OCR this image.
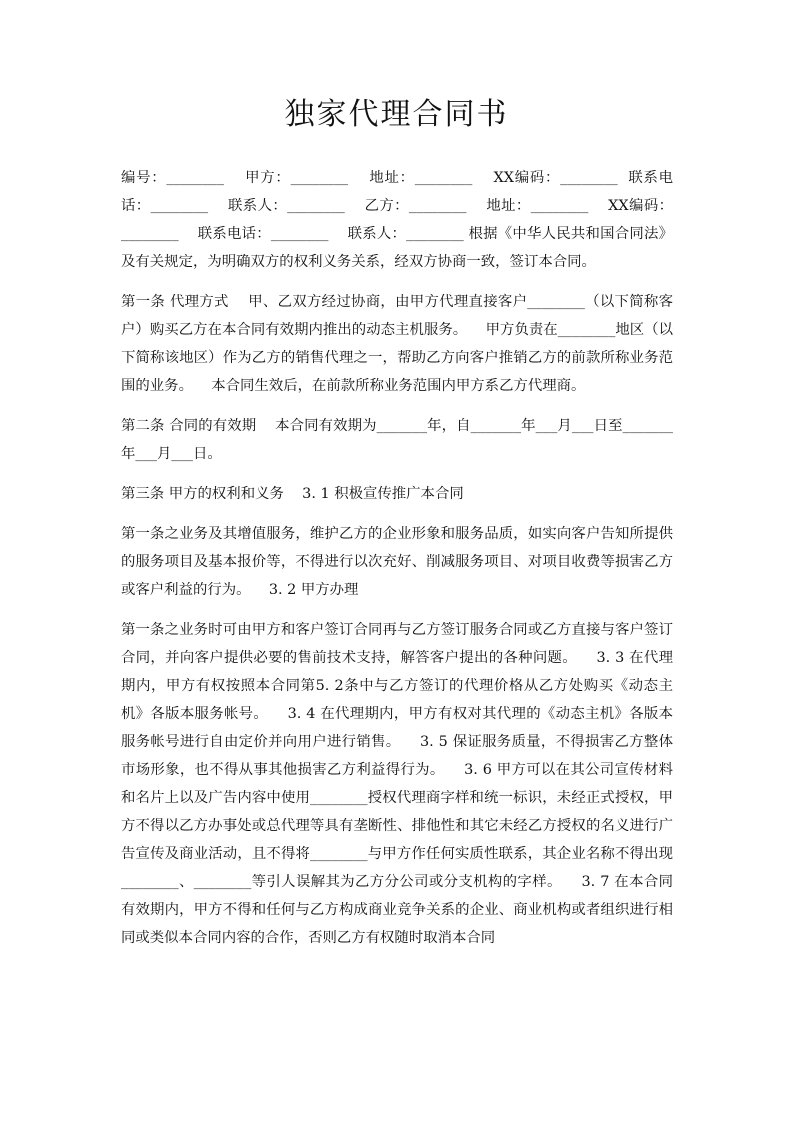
独家代理合同书

编号：________    甲方：________    地址：________    XX编码：________  联系电话：________    联系人：________    乙方：________    地址：________    XX编码：________    联系电话：________    联系人：________ 根据《中华人民共和国合同法》及有关规定，为明确双方的权利义务关系，经双方协商一致，签订本合同。

第一条 代理方式    甲、乙双方经过协商，由甲方代理直接客户________（以下简称客户）购买乙方在本合同有效期内推出的动态主机服务。    甲方负责在________地区（以下简称该地区）作为乙方的销售代理之一，帮助乙方向客户推销乙方的前款所称业务范围的业务。    本合同生效后，在前款所称业务范围内甲方系乙方代理商。

第二条 合同的有效期    本合同有效期为_______年，自_______年___月___日至_______年___月___日。

第三条 甲方的权利和义务    3. 1 积极宣传推广本合同

第一条之业务及其增值服务，维护乙方的企业形象和服务品质，如实向客户告知所提供的服务项目及基本报价等，不得进行以次充好、削减服务项目、对项目收费等损害乙方或客户利益的行为。    3. 2 甲方办理

第一条之业务时可由甲方和客户签订合同再与乙方签订服务合同或乙方直接与客户签订合同，并向客户提供必要的售前技术支持，解答客户提出的各种问题。    3. 3 在代理期内，甲方有权按照本合同第5. 2条中与乙方签订的代理价格从乙方处购买《动态主机》各版本服务帐号。    3. 4 在代理期内，甲方有权对其代理的《动态主机》各版本服务帐号进行自由定价并向用户进行销售。    3. 5 保证服务质量，不得损害乙方整体市场形象，也不得从事其他损害乙方利益得行为。    3. 6 甲方可以在其公司宣传材料和名片上以及广告内容中使用________授权代理商字样和统一标识，未经正式授权，甲方不得以乙方办事处或总代理等具有垄断性、排他性和其它未经乙方授权的名义进行广告宣传及商业活动，且不得将________与甲方作任何实质性联系，其企业名称不得出现________、________等引人误解其为乙方分公司或分支机构的字样。    3. 7 在本合同有效期内，甲方不得和任何与乙方构成商业竞争关系的企业、商业机构或者组织进行相同或类似本合同内容的合作，否则乙方有权随时取消本合同
